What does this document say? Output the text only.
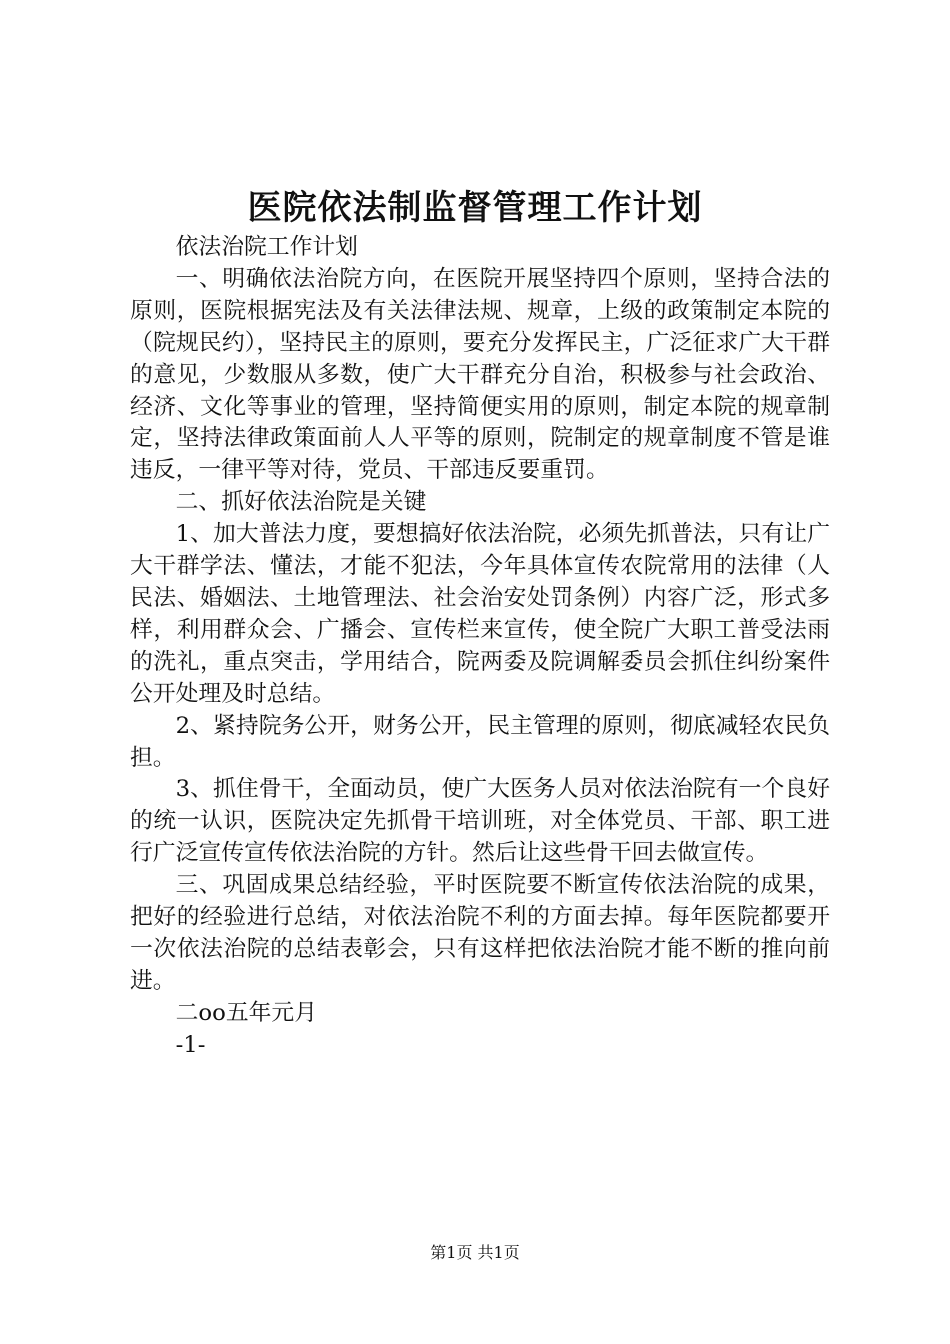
医院依法制监督管理工作计划

依法治院工作计划

一、明确依法治院方向，在医院开展坚持四个原则，坚持合法的原则，医院根据宪法及有关法律法规、规章，上级的政策制定本院的（院规民约），坚持民主的原则，要充分发挥民主，广泛征求广大干群的意见，少数服从多数，使广大干群充分自治，积极参与社会政治、经济、文化等事业的管理，坚持简便实用的原则，制定本院的规章制定，坚持法律政策面前人人平等的原则，院制定的规章制度不管是谁违反，一律平等对待，党员、干部违反要重罚。

二、抓好依法治院是关键

1、加大普法力度，要想搞好依法治院，必须先抓普法，只有让广大干群学法、懂法，才能不犯法，今年具体宣传农院常用的法律（人民法、婚姻法、土地管理法、社会治安处罚条例）内容广泛，形式多样，利用群众会、广播会、宣传栏来宣传，使全院广大职工普受法雨的洗礼，重点突击，学用结合，院两委及院调解委员会抓住纠纷案件公开处理及时总结。

2、紧持院务公开，财务公开，民主管理的原则，彻底减轻农民负担。

3、抓住骨干，全面动员，使广大医务人员对依法治院有一个良好的统一认识，医院决定先抓骨干培训班，对全体党员、干部、职工进行广泛宣传宣传依法治院的方针。然后让这些骨干回去做宣传。

三、巩固成果总结经验，平时医院要不断宣传依法治院的成果，把好的经验进行总结，对依法治院不利的方面去掉。每年医院都要开一次依法治院的总结表彰会，只有这样把依法治院才能不断的推向前进。

二oo五年元月

-1-

第1页 共1页
